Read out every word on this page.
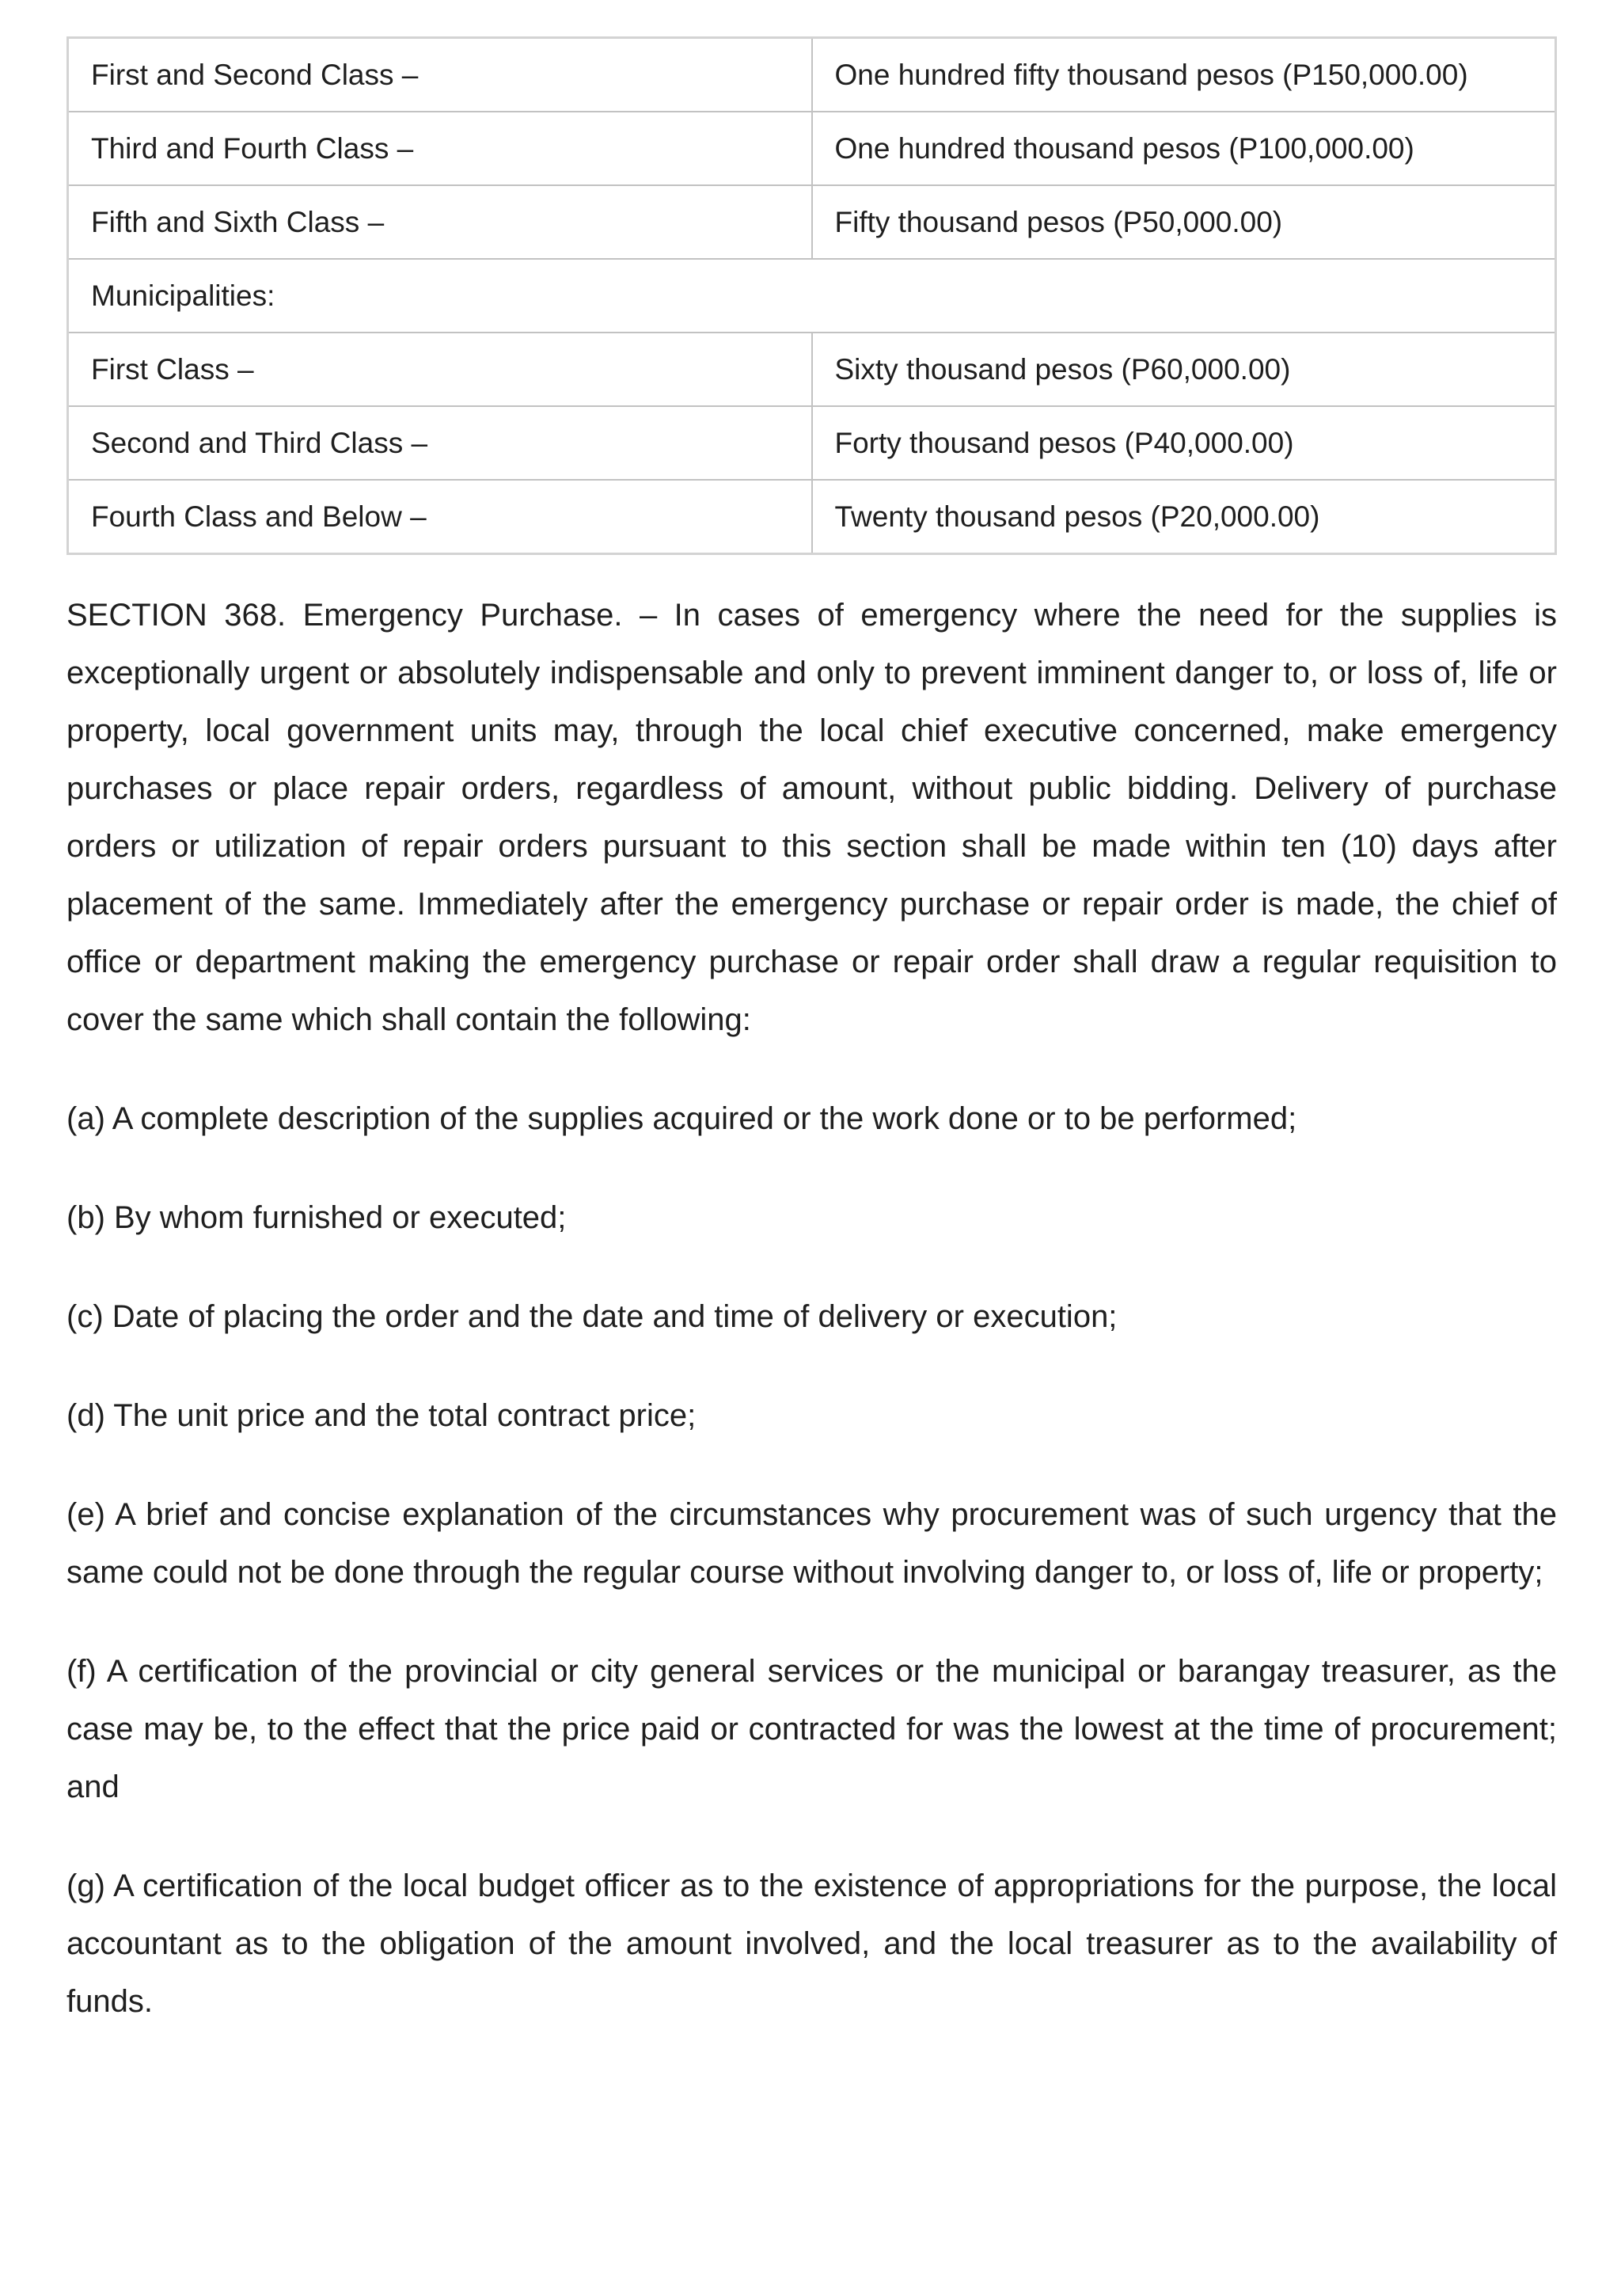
First and Second Class –	One hundred fifty thousand pesos (P150,000.00)
Third and Fourth Class –	One hundred thousand pesos (P100,000.00)
Fifth and Sixth Class –	Fifty thousand pesos (P50,000.00)
Municipalities:	
First Class –	Sixty thousand pesos (P60,000.00)
Second and Third Class –	Forty thousand pesos (P40,000.00)
Fourth Class and Below –	Twenty thousand pesos (P20,000.00)

SECTION 368. Emergency Purchase. – In cases of emergency where the need for the supplies is exceptionally urgent or absolutely indispensable and only to prevent imminent danger to, or loss of, life or property, local government units may, through the local chief executive concerned, make emergency purchases or place repair orders, regardless of amount, without public bidding. Delivery of purchase orders or utilization of repair orders pursuant to this section shall be made within ten (10) days after placement of the same. Immediately after the emergency purchase or repair order is made, the chief of office or department making the emergency purchase or repair order shall draw a regular requisition to cover the same which shall contain the following:

(a) A complete description of the supplies acquired or the work done or to be performed;

(b) By whom furnished or executed;

(c) Date of placing the order and the date and time of delivery or execution;

(d) The unit price and the total contract price;

(e) A brief and concise explanation of the circumstances why procurement was of such urgency that the same could not be done through the regular course without involving danger to, or loss of, life or property;

(f) A certification of the provincial or city general services or the municipal or barangay treasurer, as the case may be, to the effect that the price paid or contracted for was the lowest at the time of procurement; and

(g) A certification of the local budget officer as to the existence of appropriations for the purpose, the local accountant as to the obligation of the amount involved, and the local treasurer as to the availability of funds.
